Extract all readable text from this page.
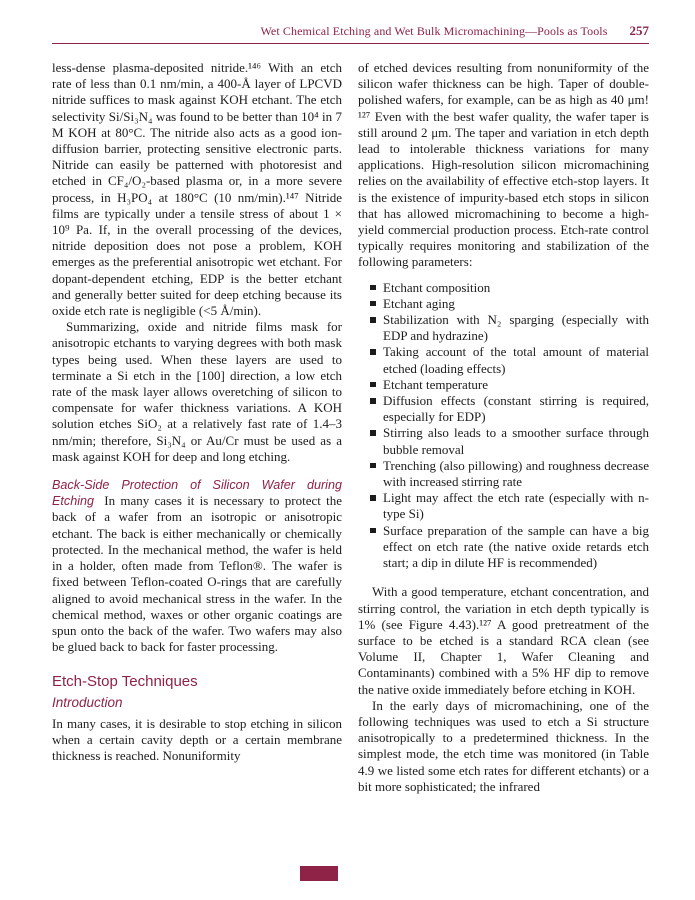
Wet Chemical Etching and Wet Bulk Micromachining—Pools as Tools 257

less-dense plasma-deposited nitride.¹⁴⁶ With an etch rate of less than 0.1 nm/min, a 400-Å layer of LPCVD nitride suffices to mask against KOH etchant. The etch selectivity Si/Si₃N₄ was found to be better than 10⁴ in 7 M KOH at 80°C. The nitride also acts as a good ion-diffusion barrier, protecting sensitive electronic parts. Nitride can easily be patterned with photoresist and etched in CF₄/O₂-based plasma or, in a more severe process, in H₃PO₄ at 180°C (10 nm/min).¹⁴⁷ Nitride films are typically under a tensile stress of about 1 × 10⁹ Pa. If, in the overall processing of the devices, nitride deposition does not pose a problem, KOH emerges as the preferential anisotropic wet etchant. For dopant-dependent etching, EDP is the better etchant and generally better suited for deep etching because its oxide etch rate is negligible (<5 Å/min).

Summarizing, oxide and nitride films mask for anisotropic etchants to varying degrees with both mask types being used. When these layers are used to terminate a Si etch in the [100] direction, a low etch rate of the mask layer allows overetching of silicon to compensate for wafer thickness variations. A KOH solution etches SiO₂ at a relatively fast rate of 1.4–3 nm/min; therefore, Si₃N₄ or Au/Cr must be used as a mask against KOH for deep and long etching.

Back-Side Protection of Silicon Wafer during Etching In many cases it is necessary to protect the back of a wafer from an isotropic or anisotropic etchant. The back is either mechanically or chemically protected. In the mechanical method, the wafer is held in a holder, often made from Teflon®. The wafer is fixed between Teflon-coated O-rings that are carefully aligned to avoid mechanical stress in the wafer. In the chemical method, waxes or other organic coatings are spun onto the back of the wafer. Two wafers may also be glued back to back for faster processing.

Etch-Stop Techniques
Introduction

In many cases, it is desirable to stop etching in silicon when a certain cavity depth or a certain membrane thickness is reached. Nonuniformity

of etched devices resulting from nonuniformity of the silicon wafer thickness can be high. Taper of double-polished wafers, for example, can be as high as 40 μm!¹²⁷ Even with the best wafer quality, the wafer taper is still around 2 μm. The taper and variation in etch depth lead to intolerable thickness variations for many applications. High-resolution silicon micromachining relies on the availability of effective etch-stop layers. It is the existence of impurity-based etch stops in silicon that has allowed micromachining to become a high-yield commercial production process. Etch-rate control typically requires monitoring and stabilization of the following parameters:

Etchant composition
Etchant aging
Stabilization with N₂ sparging (especially with EDP and hydrazine)
Taking account of the total amount of material etched (loading effects)
Etchant temperature
Diffusion effects (constant stirring is required, especially for EDP)
Stirring also leads to a smoother surface through bubble removal
Trenching (also pillowing) and roughness decrease with increased stirring rate
Light may affect the etch rate (especially with n-type Si)
Surface preparation of the sample can have a big effect on etch rate (the native oxide retards etch start; a dip in dilute HF is recommended)

With a good temperature, etchant concentration, and stirring control, the variation in etch depth typically is 1% (see Figure 4.43).¹²⁷ A good pretreatment of the surface to be etched is a standard RCA clean (see Volume II, Chapter 1, Wafer Cleaning and Contaminants) combined with a 5% HF dip to remove the native oxide immediately before etching in KOH.

In the early days of micromachining, one of the following techniques was used to etch a Si structure anisotropically to a predetermined thickness. In the simplest mode, the etch time was monitored (in Table 4.9 we listed some etch rates for different etchants) or a bit more sophisticated; the infrared
